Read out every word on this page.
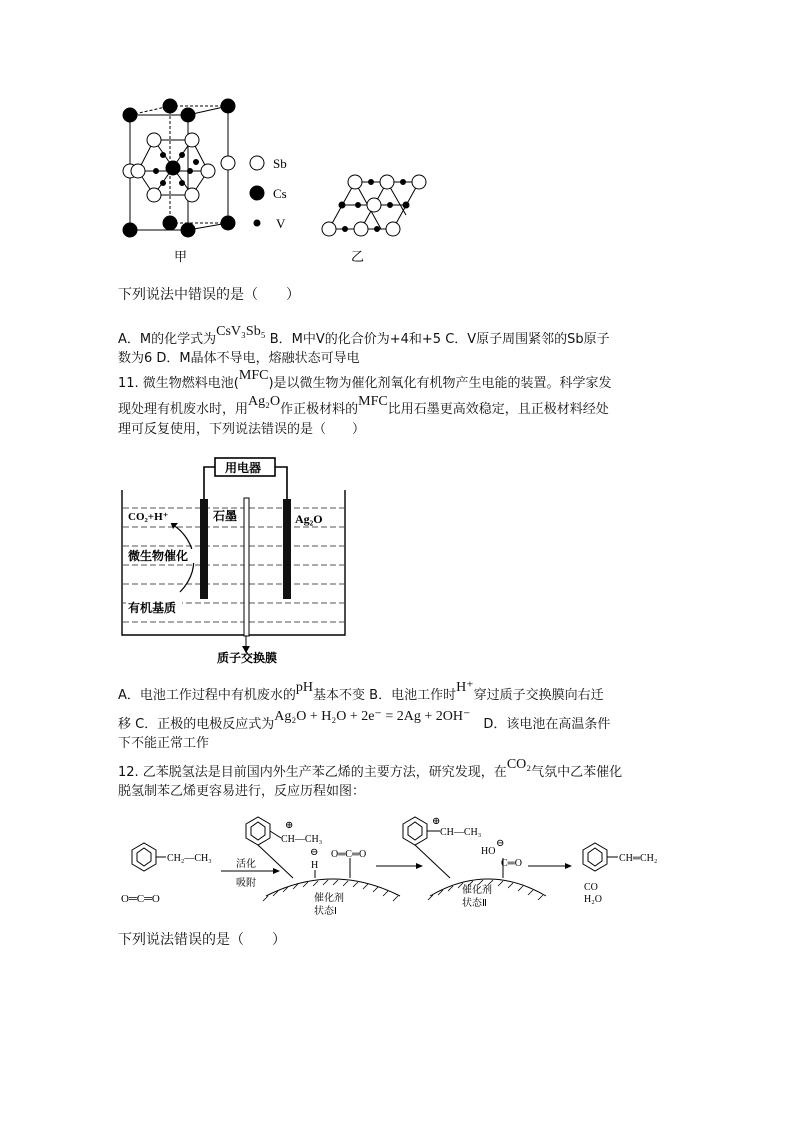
Sb
Cs
V
甲	乙
下列说法中错误的是（　　）
A．M的化学式为CsV₃Sb₅ B．M中V的化合价为+4和+5 C．V原子周围紧邻的Sb原子
数为6 D．M晶体不导电，熔融状态可导电
11. 微生物燃料电池(MFC)是以微生物为催化剂氧化有机物产生电能的装置。科学家发
现处理有机废水时，用Ag₂O作正极材料的MFC比用石墨更高效稳定，且正极材料经处
理可反复使用，下列说法错误的是（　　）
用电器
CO₂+H⁺	石墨	Ag₂O
微生物催化
有机基质
质子交换膜
A．电池工作过程中有机废水的pH基本不变 B．电池工作时H⁺穿过质子交换膜向右迁
移 C．正极的电极反应式为Ag₂O + H₂O + 2e⁻ = 2Ag + 2OH⁻　D．该电池在高温条件
下不能正常工作
12. 乙苯脱氢法是目前国内外生产苯乙烯的主要方法，研究发现，在CO₂气氛中乙苯催化
脱氢制苯乙烯更容易进行，反应历程如图：
CH₂—CH₃
O═C═O
活化
吸附
⊕
CH—CH₃
⊖
H
O═C═O
催化剂
状态Ⅰ
⊕
CH—CH₃
HO
⊖
C═O
催化剂
状态Ⅱ
CH═CH₂
CO
H₂O
下列说法错误的是（　　）
